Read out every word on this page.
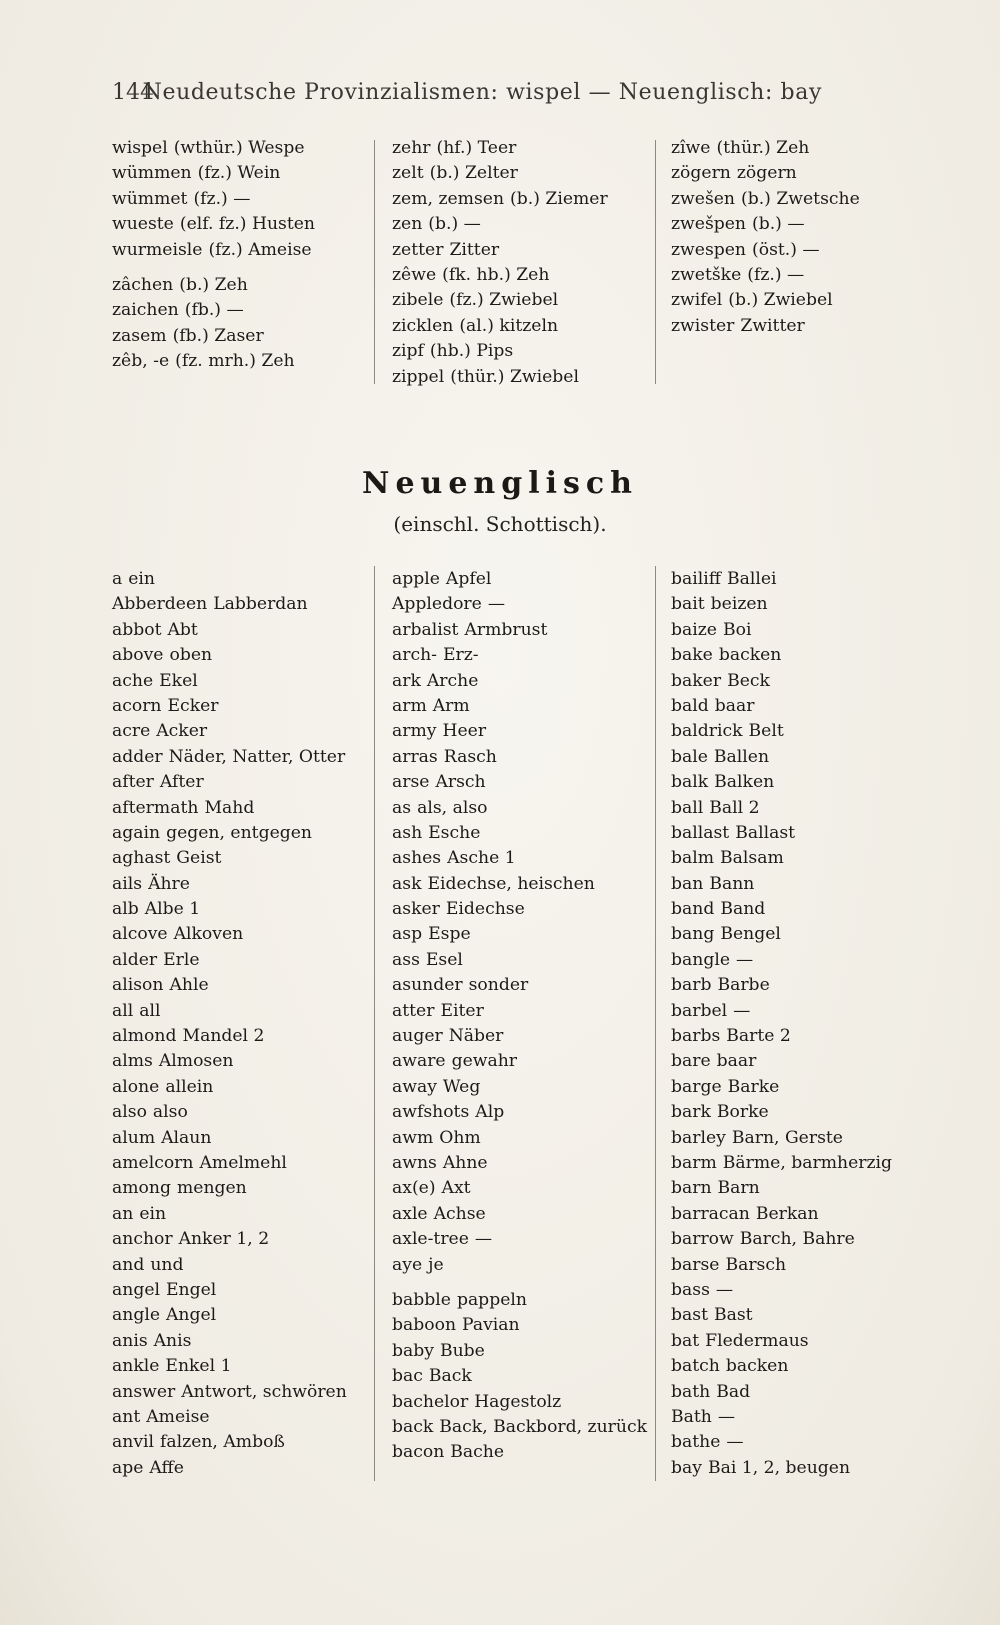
144
Neudeutsche Provinzialismen: wispel — Neuenglisch: bay
wispel (wthür.) Wespe
wümmen (fz.) Wein
wümmet (fz.) —
wueste (elf. fz.) Husten
wurmeisle (fz.) Ameise
zâchen (b.) Zeh
zaichen (fb.) —
zasem (fb.) Zaser
zêb, -e (fz. mrh.) Zeh
zehr (hf.) Teer
zelt (b.) Zelter
zem, zemsen (b.) Ziemer
zen (b.) —
zetter Zitter
zêwe (fk. hb.) Zeh
zibele (fz.) Zwiebel
zicklen (al.) kitzeln
zipf (hb.) Pips
zippel (thür.) Zwiebel
zîwe (thür.) Zeh
zögern zögern
zwešen (b.) Zwetsche
zwešpen (b.) —
zwespen (öst.) —
zwetške (fz.) —
zwifel (b.) Zwiebel
zwister Zwitter
Neuenglisch
(einschl. Schottisch).
a ein
Abberdeen Labberdan
abbot Abt
above oben
ache Ekel
acorn Ecker
acre Acker
adder Näder, Natter, Otter
after After
aftermath Mahd
again gegen, entgegen
aghast Geist
ails Ähre
alb Albe 1
alcove Alkoven
alder Erle
alison Ahle
all all
almond Mandel 2
alms Almosen
alone allein
also also
alum Alaun
amelcorn Amelmehl
among mengen
an ein
anchor Anker 1, 2
and und
angel Engel
angle Angel
anis Anis
ankle Enkel 1
answer Antwort, schwören
ant Ameise
anvil falzen, Amboß
ape Affe
apple Apfel
Appledore —
arbalist Armbrust
arch- Erz-
ark Arche
arm Arm
army Heer
arras Rasch
arse Arsch
as als, also
ash Esche
ashes Asche 1
ask Eidechse, heischen
asker Eidechse
asp Espe
ass Esel
asunder sonder
atter Eiter
auger Näber
aware gewahr
away Weg
awfshots Alp
awm Ohm
awns Ahne
ax(e) Axt
axle Achse
axle-tree —
aye je
babble pappeln
baboon Pavian
baby Bube
bac Back
bachelor Hagestolz
back Back, Backbord, zurück
bacon Bache
bailiff Ballei
bait beizen
baize Boi
bake backen
baker Beck
bald baar
baldrick Belt
bale Ballen
balk Balken
ball Ball 2
ballast Ballast
balm Balsam
ban Bann
band Band
bang Bengel
bangle —
barb Barbe
barbel —
barbs Barte 2
bare baar
barge Barke
bark Borke
barley Barn, Gerste
barm Bärme, barmherzig
barn Barn
barracan Berkan
barrow Barch, Bahre
barse Barsch
bass —
bast Bast
bat Fledermaus
batch backen
bath Bad
Bath —
bathe —
bay Bai 1, 2, beugen
